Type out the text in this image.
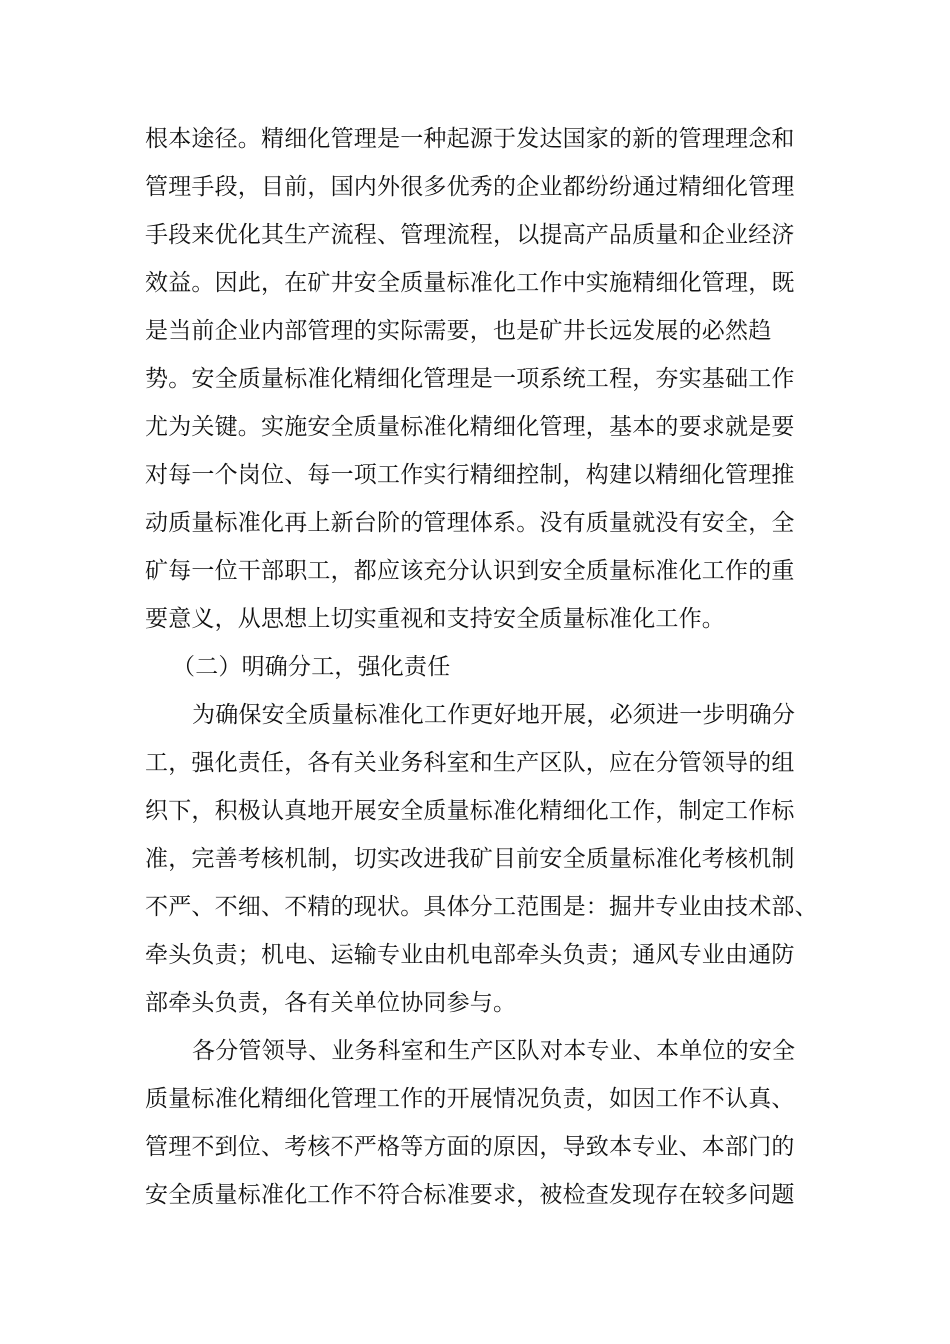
根本途径。精细化管理是一种起源于发达国家的新的管理理念和
管理手段，目前，国内外很多优秀的企业都纷纷通过精细化管理
手段来优化其生产流程、管理流程，以提高产品质量和企业经济
效益。因此，在矿井安全质量标准化工作中实施精细化管理，既
是当前企业内部管理的实际需要，也是矿井长远发展的必然趋
势。安全质量标准化精细化管理是一项系统工程，夯实基础工作
尤为关键。实施安全质量标准化精细化管理，基本的要求就是要
对每一个岗位、每一项工作实行精细控制，构建以精细化管理推
动质量标准化再上新台阶的管理体系。没有质量就没有安全，全
矿每一位干部职工，都应该充分认识到安全质量标准化工作的重
要意义，从思想上切实重视和支持安全质量标准化工作。
（二）明确分工，强化责任
为确保安全质量标准化工作更好地开展，必须进一步明确分
工，强化责任，各有关业务科室和生产区队，应在分管领导的组
织下，积极认真地开展安全质量标准化精细化工作，制定工作标
准，完善考核机制，切实改进我矿目前安全质量标准化考核机制
不严、不细、不精的现状。具体分工范围是：掘井专业由技术部、
牵头负责；机电、运输专业由机电部牵头负责；通风专业由通防
部牵头负责，各有关单位协同参与。
各分管领导、业务科室和生产区队对本专业、本单位的安全
质量标准化精细化管理工作的开展情况负责，如因工作不认真、
管理不到位、考核不严格等方面的原因，导致本专业、本部门的
安全质量标准化工作不符合标准要求，被检查发现存在较多问题
